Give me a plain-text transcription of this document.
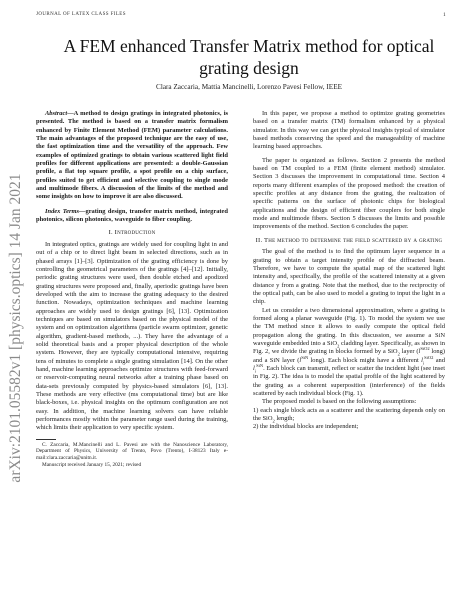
JOURNAL OF LATEX CLASS FILES	1
A FEM enhanced Transfer Matrix method for optical grating design
Clara Zaccaria, Mattia Mancinelli, Lorenzo Pavesi Fellow, IEEE
arXiv:2101.05582v1 [physics.optics] 14 Jan 2021

Abstract—A method to design gratings in integrated photonics, is presented. The method is based on a transfer matrix formalism enhanced by Finite Element Method (FEM) parameter calculations. The main advantages of the proposed technique are the easy of use, the fast optimization time and the versatility of the approach. Few examples of optimized gratings to obtain various scattered light field profiles for different applications are presented: a double-Gaussian profile, a flat top square profile, a spot profile on a chip surface, profiles suited to get efficient and selective coupling to single mode and multimode fibers. A discussion of the limits of the method and some insights on how to improve it are also discussed.

Index Terms—grating design, transfer matrix method, integrated photonics, silicon photonics, waveguide to fiber coupling.

I. Introduction

In integrated optics, gratings are widely used for coupling light in and out of a chip or to direct light beam in selected directions, such as in phased arrays [1]–[3]. Optimization of the grating efficiency is done by controlling the geometrical parameters of the gratings [4]–[12]. Initially, periodic grating structures were used, then double etched and apodized grating structures were proposed and, finally, aperiodic gratings have been developed with the aim to increase the grating adequacy to the desired function. Nowadays, optimization techniques and machine learning approaches are widely used to design gratings [6], [13]. Optimization techniques are based on simulators based on the physical model of the system and on optimization algorithms (particle swarm optimizer, genetic algorithm, gradient-based methods, ...). They have the advantage of a solid theoretical basis and a proper physical description of the whole system. However, they are typically computational intensive, requiring tens of minutes to complete a single grating simulation [14]. On the other hand, machine learning approaches optimize structures with feed-forward or reservoir-computing neural networks after a training phase based on data-sets previously computed by physics-based simulators [6], [13]. These methods are very effective (ms computational time) but are like black-boxes, i.e. physical insights on the optimum configuration are not easy. In addition, the machine learning solvers can have reliable performances mostly within the parameter range used during the training, which limits their application to very specific system.

C. Zaccaria, M.Mancinelli and L. Pavesi are with the Nanoscience Laboratory, Department of Physics, University of Trento, Povo (Trento), I-38123 Italy e-mail:clara.zaccaria@unitn.it.

Manuscript received January 15, 2021; revised

In this paper, we propose a method to optimize grating geometries based on a transfer matrix (TM) formalism enhanced by a physical simulator. In this way we can get the physical insights typical of simulator based methods conserving the speed and the manageability of machine learning based approaches.

The paper is organized as follows. Section 2 presents the method based on TM coupled to a FEM (finite element method) simulator. Section 3 discusses the improvement in computational time. Section 4 reports many different examples of the proposed method: the creation of specific profiles at any distance from the grating, the realization of specific patterns on the surface of photonic chips for biological applications and the design of efficient fiber couplers for both single mode and multimode fibers. Section 5 discusses the limits and possible improvements of the method. Section 6 concludes the paper.

II. The method to determine the field scattered by a grating

The goal of the method is to find the optimum layer sequence in a grating to obtain a target intensity profile of the diffracted beam. Therefore, we have to compute the spatial map of the scattered light intensity and, specifically, the profile of the scattered intensity at a given distance y from a grating. Note that the method, due to the reciprocity of the optical path, can be also used to model a grating to input the light in a chip.

Let us consider a two dimensional approximation, where a grating is formed along a planar waveguide (Fig. 1). To model the system we use the TM method since it allows to easily compute the optical field propagation along the grating. In this discussion, we assume a SiN waveguide embedded into a SiO$_2$ cladding layer. Specifically, as shown in Fig. 2, we divide the grating in blocks formed by a SiO$_2$ layer ($l^{SiO2}$ long) and a SiN layer ($l^{SiN}$ long). Each block might have a different $l_i^{SiO2}$ and $l_i^{SiN}$. Each block can transmit, reflect or scatter the incident light (see inset in Fig. 2). The idea is to model the spatial profile of the light scattered by the grating as a coherent superposition (interference) of the fields scattered by each individual block (Fig. 1).

The proposed model is based on the following assumptions:

1) each single block acts as a scatterer and the scattering depends only on the SiO$_2$ length;

2) the individual blocks are independent;
